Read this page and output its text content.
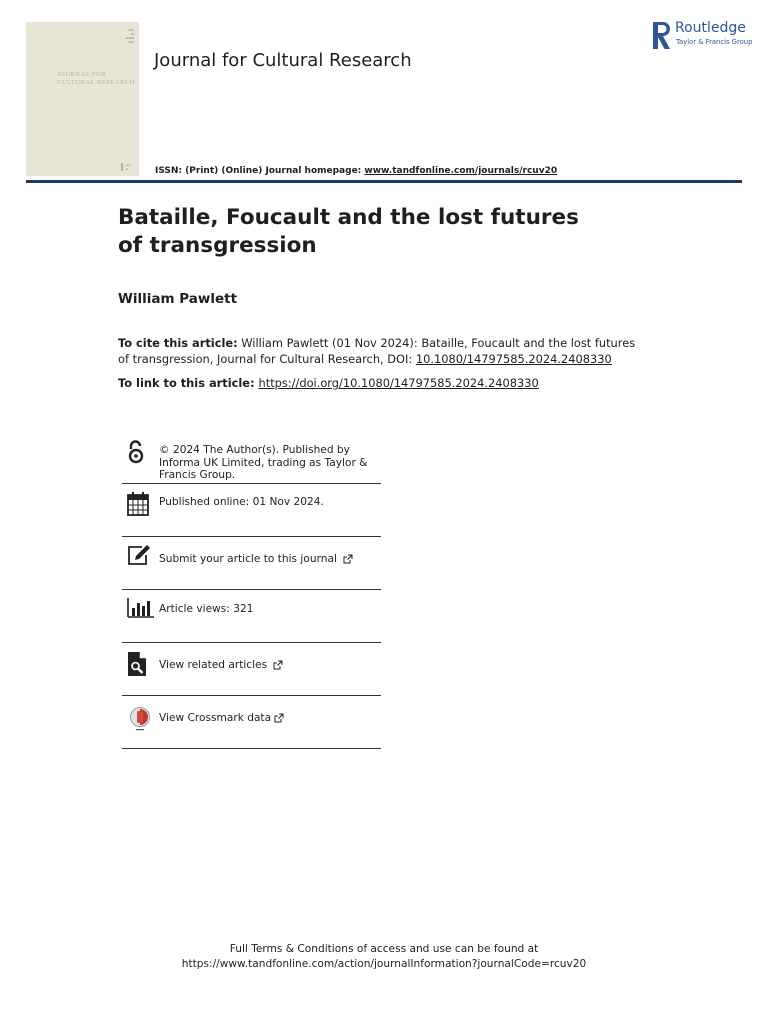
▬▬
▬
▬▬▬
▬▬
JOURNAL FOR
CULTURAL RESEARCH
▬▬
▬
Journal for Cultural Research
Routledge
Taylor & Francis Group
ISSN: (Print) (Online) Journal homepage: www.tandfonline.com/journals/rcuv20
Bataille, Foucault and the lost futures of transgression
William Pawlett
To cite this article: William Pawlett (01 Nov 2024): Bataille, Foucault and the lost futures of transgression, Journal for Cultural Research, DOI: 10.1080/14797585.2024.2408330
To link to this article: https://doi.org/10.1080/14797585.2024.2408330
© 2024 The Author(s). Published by Informa UK Limited, trading as Taylor & Francis Group.
Published online: 01 Nov 2024.
Submit your article to this journal
Article views: 321
View related articles
View Crossmark data
Full Terms & Conditions of access and use can be found at
https://www.tandfonline.com/action/journalInformation?journalCode=rcuv20
